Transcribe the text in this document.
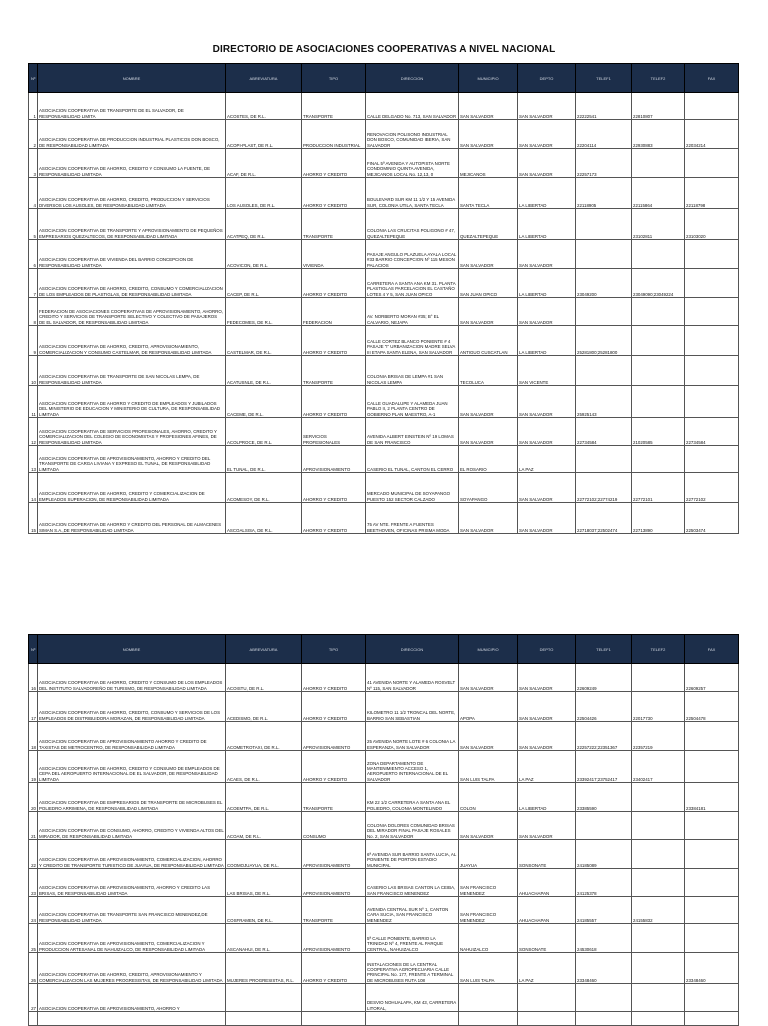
DIRECTORIO DE ASOCIACIONES COOPERATIVAS A NIVEL NACIONAL
Nº	NOMBRE	ABREVIATURA	TIPO	DIRECCION	MUNICIPIO	DEPTO	TELEF1	TELEF2	FAX
1	ASOCIACION COOPERATIVA DE TRANSPORTE DE EL SALVADOR, DE RESPONSABILIDAD LIMITA	ACOSTES, DE R.L.	TRANSPORTE	CALLE DELGADO No. 713, SAN SALVADOR	SAN SALVADOR	SAN SALVADOR	22222541	22810807	
2	ASOCIACION COOPERATIVA DE PRODUCCION INDUSTRIAL PLASTICOS DON BOSCO, DE RESPONSABILIDAD LIMITADA	ACOPI-PLAST, DE R.L.	PRODUCCION INDUSTRIAL	RENOVACION POLISONO INDUSTRIAL DON BOSCO, COMUNIDAD IBERIA, SAN SALVADOR	SAN SALVADOR	SAN SALVADOR	22204114	22930883	22034214
3	ASOCIACION COOPERATIVA DE AHORRO, CREDITO Y CONSUMO LA FUENTE, DE RESPONSABILIDAD LIMITADA	ACAF, DE R.L.	AHORRO Y CREDITO	FINAL 5ª AVENIDA Y AUTOPISTA NORTE CONDOMINIO QUINTA AVENIDA, MEJICANOS LOCAL No. 12,13, 0	MEJICANOS	SAN SALVADOR	22257173		
4	ASOCIACION COOPERATIVA DE AHORRO, CREDITO, PRODUCCION Y SERVICIOS DIVERSOS LOS AUSOLES, DE RESPONSABILIDAD LIMITADA	LOS AUSOLES, DE R.L.	AHORRO Y CREDITO	BOULEVARD SUR KM 11 1/2 Y 15 AVENIDA SUR, COLONIA UTILA, SANTA TECLA	SANTA TECLA	LA LIBERTAD	22118905	22115864	22118798
5	ASOCIACION COOPERATIVA DE TRANSPORTE Y APROVISIONAMIENTO DE PEQUEÑOS EMPRESARIOS QUEZALTECOS, DE RESPONSABILIDAD LIMITADA	ACATPEQ, DE R.L.	TRANSPORTE	COLONIA LAS CRUCITAS POLIGONO # 47, QUEZALTEPEQUE	QUEZALTEPEQUE	LA LIBERTAD		23102811	23103020
6	ASOCIACION COOPERATIVA DE VIVIENDA DEL BARRIO CONCEPCION DE RESPONSABILIDAD LIMITADA	ACOVICON, DE R.L.	VIVIENDA	PASAJE ANGULO PLAZUELA AYALA LOCAL #33 BARRIO CONCEPCION Nº 115 MESON PALACIOS	SAN SALVADOR	SAN SALVADOR			
7	ASOCIACION COOPERATIVA DE AHORRO, CREDITO, CONSUMO Y COMERCIALIZACION DE LOS EMPLEADOS DE PLASTIGLAS, DE RESPONSABILIDAD LIMITADA	CACEP, DE R.L.	AHORRO Y CREDITO	CARRETERA A SANTA ANA KM 31. PLANTA PLASTIGLAS PARCELACION EL CASTAÑO LOTES 4 Y 5, SAN JUAN OPICO	SAN JUAN OPICO	LA LIBERTAD	23049200	23049090;23049224	
8	FEDERACION DE ASOCIACIONES COOPERATIVAS DE APROVISIONAMIENTO, AHORRO, CREDITO Y SERVICIOS DE TRANSPORTE SELECTIVO Y COLECTIVO DE PASAJEROS DE EL SALVADOR, DE RESPONSABILIDAD LIMITADA	FEDECOMES, DE R.L.	FEDERACION	AV. NORBERTO MORAN #35; B° EL CALVARIO, NEJAPA	SAN SALVADOR	SAN SALVADOR			
9	ASOCIACION COOPERATIVA DE AHORRO, CREDITO, APROVISIONAMIENTO, COMERCIALIZACION Y CONSUMO CASTELMAR, DE RESPONSABILIDAD LIMITADA	CASTELMAR, DE R.L.	AHORRO Y CREDITO	CALLE CORTEZ BLANCO PONIENTE # 4 PASAJE "I" URBANIZACION MADRE SELVA III ETAPA SANTA ELENA, SAN SALVADOR	ANTIGUO CUSCATLAN	LA LIBERTAD	25281800;25281800		
10	ASOCIACION COOPERATIVA DE TRANSPORTE DE SAN NICOLAS LEMPA, DE RESPONSABILIDAD LIMITADA	ACATUSNLE, DE R.L.	TRANSPORTE	COLONIA BRISAS DE LEMPA #1 SAN NICOLAS LEMPA	TECOLUCA	SAN VICENTE			
11	ASOCIACION COOPERATIVA DE AHORRO Y CREDITO DE EMPLEADOS Y JUBILADOS DEL MINISTERIO DE EDUCACION Y MINISTERIO DE CULTURA, DE RESPONSABILIDAD LIMITADA	CACEME, DE R.L.	AHORRO Y CREDITO	CALLE GUADALUPE Y ALAMEDA JUAN PABLO II, 2 PLANTA CENTRO DE GOBIERNO PLAN MAESTRO, A-1	SAN SALVADOR	SAN SALVADOR	25925143		
12	ASOCIACION COOPERATIVA DE SERVICIOS PROFESIONALES, AHORRO, CREDITO Y COMERCIALIZACION DEL COLEGIO DE ECONOMISTAS Y PROFESIONES AFINES, DE RESPONSABILIDAD LIMITADA	ACOLPROCE, DE R.L.	SERVICIOS PROFESIONALES	AVENIDA ALBERT EINSTEIN Nº 19 LOMAS DE SAN FRANCISCO	SAN SALVADOR	SAN SALVADOR	22734584	21020585	22734584
13	ASOCIACION COOPERATIVA DE APROVISIONAMIENTO, AHORRO Y CREDITO DEL TRANSPORTE DE CARGA LIVIANA Y EXPRESO EL TUNAL, DE RESPONSABILIDAD LIMITADA	EL TUNAL, DE R.L.	APROVISIONAMIENTO	CASERIO EL TUNAL, CANTON EL CERRO	EL ROSARIO	LA PAZ			
14	ASOCIACION COOPERATIVA DE AHORRO, CREDITO Y COMERCIALIZACION DE EMPLEADOS SUPERACION, DE RESPONSABILIDAD LIMITADA	ACOMESOY, DE R.L.	AHORRO Y CREDITO	MERCADO MUNICIPAL DE SOYAPANGO PUESTO 152 SECTOR CALZADO	SOYAPANGO	SAN SALVADOR	22772102;22774219	22772101	22772102
15	ASOCIACION COOPERATIVA DE AHORRO Y CREDITO DEL PERSONAL DE ALMACENES SIMAN S.A.,DE RESPONSABILIDAD LIMITADA	ASCOALSISA, DE R.L.	AHORRO Y CREDITO	75 AV NTE. FRENTE A FUENTES BEETHOVEN, OFICINAS PRISMA MODA	SAN SALVADOR	SAN SALVADOR	22718037;22502474	22713890	22503474
Nº	NOMBRE	ABREVIATURA	TIPO	DIRECCION	MUNICIPIO	DEPTO	TELEF1	TELEF2	FAX
16	ASOCIACION COOPERATIVA DE AHORRO, CREDITO Y CONSUMO DE LOS EMPLEADOS DEL INSTITUTO SALVADOREÑO DE TURISMO, DE RESPONSABILIDAD LIMITADA	ACOISTU, DE R.L.	AHORRO Y CREDITO	41 AVENIDA NORTE Y ALAMEDA ROSVELT Nº 115, SAN SALVADOR	SAN SALVADOR	SAN SALVADOR	22609249		22609257
17	ASOCIACION COOPERATIVA DE AHORRO, CREDITO, CONSUMO Y SERVICIOS DE LOS EMPLEADOS DE DISTRIBUIDORA MORAZAN, DE RESPONSABILIDAD LIMITADA	ACEDISMO, DE R.L.	AHORRO Y CREDITO	KILOMETRO 11 1/2 TRONCAL DEL NORTE, BARRIO SAN SEBASTIAN	APOPA	SAN SALVADOR	22504426	22017730	22504478
18	ASOCIACION COOPERATIVA DE APROVISIONAMIENTO AHORRO Y CREDITO DE TAXISTAS DE METROCENTRO, DE RESPONSABILIDAD LIMITADA	ACOMETROTAXI, DE R.L.	APROVISIONAMIENTO	25 AVENIDA NORTE LOTE # 6 COLONIA LA ESPERANZA, SAN SALVADOR	SAN SALVADOR	SAN SALVADOR	22257222;22351367	22357219	
19	ASOCIACION COOPERATIVA DE AHORRO, CREDITO Y CONSUMO DE EMPLEADOS DE CEPA DEL AEROPUERTO INTERNACIONAL DE EL SALVADOR, DE RESPONSABILIDAD LIMITADA	ACAES, DE R.L.	AHORRO Y CREDITO	ZONA DEPARTAMENTO DE MANTENIMIENTO ACCESO 1, AEROPUERTO INTERNACIONAL DE EL SALVADOR	SAN LUIS TALPA	LA PAZ	23392417;23752417	23402417	
20	ASOCIACION COOPERATIVA DE EMPRESARIOS DE TRANSPORTE DE MICROBUSES EL POLIEDRO ARRIMENA, DE RESPONSABILIDAD LIMITADA	ACOEMTPA, DE R.L.	TRANSPORTE	KM 22 1/2 CARRETERA A SANTA ANA EL POLIEDRO, COLONIA MONTELINDO	COLON	LA LIBERTAD	23385590		23384181
21	ASOCIACION COOPERATIVA DE CONSUMO, AHORRO, CREDITO Y VIVIENDA ALTOS DEL MIRADOR, DE RESPONSABILIDAD LIMITADA	ACOAM, DE R.L.	CONSUMO	COLONIA DOLORES COMUNIDAD BRISAS DEL MIRADOR FINAL PASAJE ROSALES No. 2, SAN SALVADOR	SAN SALVADOR	SAN SALVADOR			
22	ASOCIACION COOPERATIVA DE APROVISIONAMIENTO, COMERCIALIZACION, AHORRO Y CREDITO DE TRANSPORTE TURISTICO DE JUAYUA, DE RESPONSABILIDAD LIMITADA	COOMOJUAYUA, DE R.L.	APROVISIONAMIENTO	6ª AVENIDA SUR BARRIO SANTA LUCIA, AL PONIENTE DE PORTON ESTADIO MUNICIPAL	JUAYUA	SONSONATE	24185089		
23	ASOCIACION COOPERATIVA DE APROVISIONAMIENTO, AHORRO Y CREDITO LAS BRISAS, DE RESPONSABILIDAD LIMITADA	LAS BRISAS, DE R.L.	APROVISIONAMIENTO	CASERIO LAS BRISAS CANTON LA CEIBA, SAN FRANCISCO MENENDEZ	SAN FRANCISCO MENENDEZ	AHUACHAPAN	24125378		
24	ASOCIACION COOPERATIVA DE TRANSPORTE SAN FRANCISCO MENENDEZ,DE RESPONSABILIDAD LIMITADA	COSFRAMEN, DE R.L.	TRANSPORTE	AVENIDA CENTRAL SUR Nº 1, CANTON CARA SUCIA, SAN FRANCISCO MENENDEZ	SAN FRANCISCO MENENDEZ	AHUACHAPAN	24185557	24155832	
25	ASOCIACION COOPERATIVA DE APROVISIONAMIENTO, COMERCIALIZACION Y PRODUCCION ARTESANAL DE NAHUIZALCO, DE RESPONSABILIDAD LIMITADA	ASCANAHUI, DE R.L.	APROVISIONAMIENTO	5ª CALLE PONIENTE, BARRIO LA TRINIDAD Nº 4, FRENTE AL PARQUE CENTRAL, NAHUIZALCO	NAHUIZALCO	SONSONATE	24530618		
26	ASOCIACION COOPERATIVA DE AHORRO, CREDITO, APROVISIONAMIENTO Y COMERCIALIZACION LAS MUJERES PROGRESISTAS, DE RESPONSABILIDAD LIMITADA	MUJERES PROGRESISTAS, R.L.	AHORRO Y CREDITO	INSTALACIONES DE LA CENTRAL COOPERATIVA AGROPECUARIA CALLE PRINCIPAL No. 177, FRENTE A TERMINAL DE MICROBUSES RUTA 108	SAN LUIS TALPA	LA PAZ	23348460		23348460
27	ASOCIACION COOPERATIVA DE APROVISIONAMIENTO, AHORRO Y			DESVIO NOHUALAPA, KM 43, CARRETERA LITORAL,					
